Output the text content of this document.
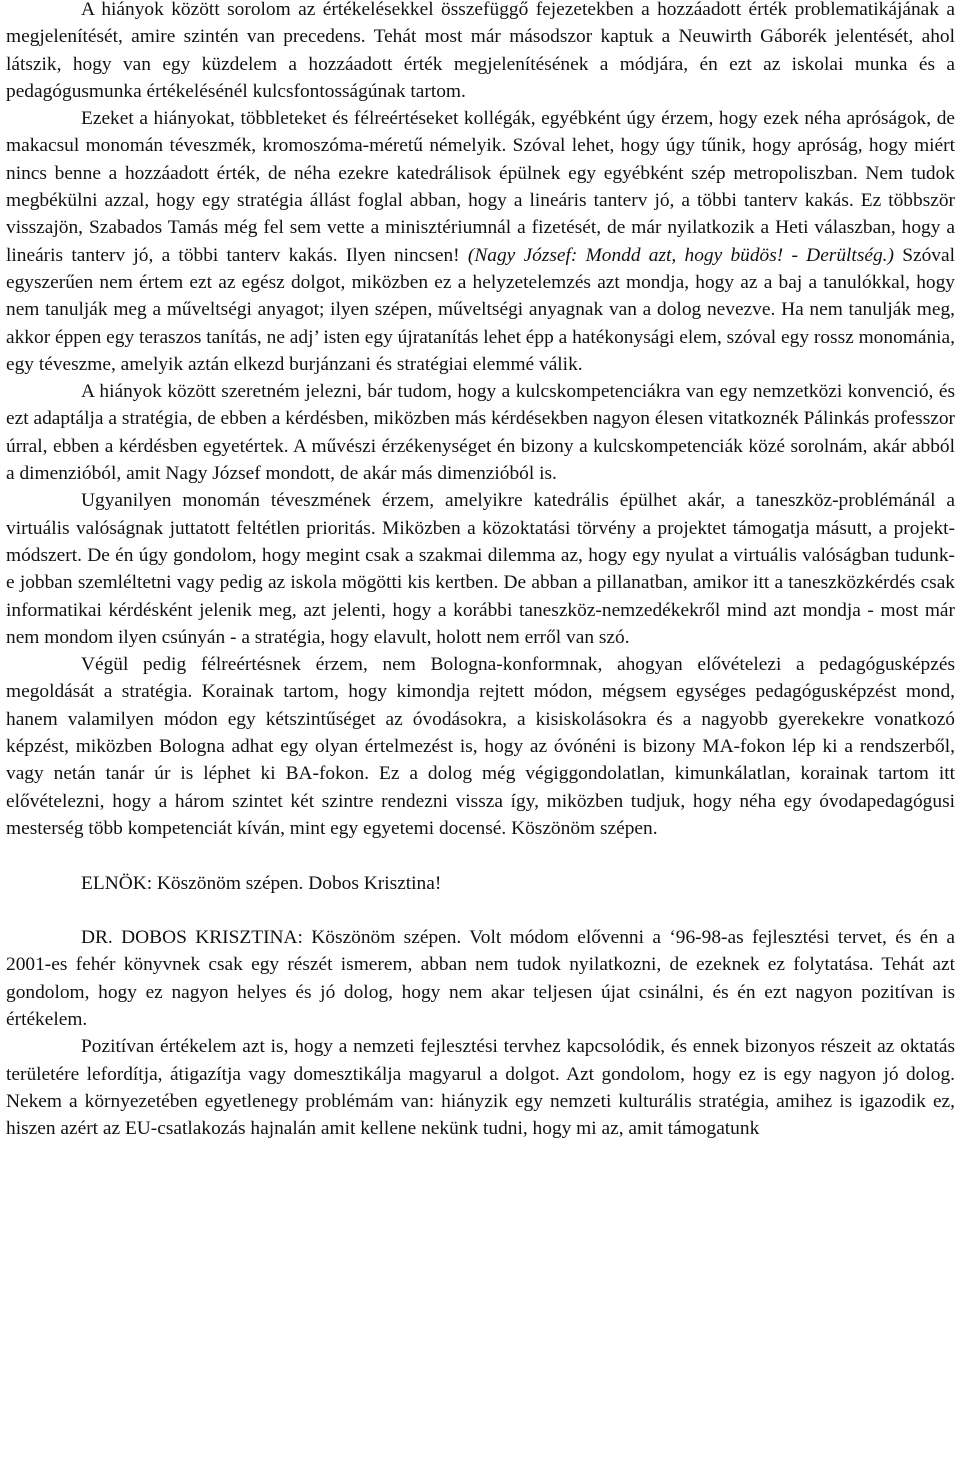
A hiányok között sorolom az értékelésekkel összefüggő fejezetekben a hozzáadott érték problematikájának a megjelenítését, amire szintén van precedens. Tehát most már másodszor kaptuk a Neuwirth Gáborék jelentését, ahol látszik, hogy van egy küzdelem a hozzáadott érték megjelenítésének a módjára, én ezt az iskolai munka és a pedagógusmunka értékelésénél kulcsfontosságúnak tartom.

Ezeket a hiányokat, többleteket és félreértéseket kollégák, egyébként úgy érzem, hogy ezek néha apróságok, de makacsul monomán téveszmék, kromoszóma-méretű némelyik. Szóval lehet, hogy úgy tűnik, hogy apróság, hogy miért nincs benne a hozzáadott érték, de néha ezekre katedrálisok épülnek egy egyébként szép metropoliszban. Nem tudok megbékülni azzal, hogy egy stratégia állást foglal abban, hogy a lineáris tanterv jó, a többi tanterv kakás. Ez többször visszajön, Szabados Tamás még fel sem vette a minisztériumnál a fizetését, de már nyilatkozik a Heti válaszban, hogy a lineáris tanterv jó, a többi tanterv kakás. Ilyen nincsen! (Nagy József: Mondd azt, hogy büdös! - Derültség.) Szóval egyszerűen nem értem ezt az egész dolgot, miközben ez a helyzetelemzés azt mondja, hogy az a baj a tanulókkal, hogy nem tanulják meg a műveltségi anyagot; ilyen szépen, műveltségi anyagnak van a dolog nevezve. Ha nem tanulják meg, akkor éppen egy teraszos tanítás, ne adj’ isten egy újratanítás lehet épp a hatékonysági elem, szóval egy rossz monománia, egy téveszme, amelyik aztán elkezd burjánzani és stratégiai elemmé válik.

A hiányok között szeretném jelezni, bár tudom, hogy a kulcskompetenciákra van egy nemzetközi konvenció, és ezt adaptálja a stratégia, de ebben a kérdésben, miközben más kérdésekben nagyon élesen vitatkoznék Pálinkás professzor úrral, ebben a kérdésben egyetértek. A művészi érzékenységet én bizony a kulcskompetenciák közé sorolnám, akár abból a dimenzióból, amit Nagy József mondott, de akár más dimenzióból is.

Ugyanilyen monomán téveszmének érzem, amelyikre katedrális épülhet akár, a taneszköz-problémánál a virtuális valóságnak juttatott feltétlen prioritás. Miközben a közoktatási törvény a projektet támogatja másutt, a projekt-módszert. De én úgy gondolom, hogy megint csak a szakmai dilemma az, hogy egy nyulat a virtuális valóságban tudunk-e jobban szemléltetni vagy pedig az iskola mögötti kis kertben. De abban a pillanatban, amikor itt a taneszközkérdés csak informatikai kérdésként jelenik meg, azt jelenti, hogy a korábbi taneszköz-nemzedékekről mind azt mondja - most már nem mondom ilyen csúnyán - a stratégia, hogy elavult, holott nem erről van szó.

Végül pedig félreértésnek érzem, nem Bologna-konformnak, ahogyan elővételezi a pedagógusképzés megoldását a stratégia. Korainak tartom, hogy kimondja rejtett módon, mégsem egységes pedagógusképzést mond, hanem valamilyen módon egy kétszintűséget az óvodásokra, a kisiskolásokra és a nagyobb gyerekekre vonatkozó képzést, miközben Bologna adhat egy olyan értelmezést is, hogy az óvónéni is bizony MA-fokon lép ki a rendszerből, vagy netán tanár úr is léphet ki BA-fokon. Ez a dolog még végiggondolatlan, kimunkálatlan, korainak tartom itt elővételezni, hogy a három szintet két szintre rendezni vissza így, miközben tudjuk, hogy néha egy óvodapedagógusi mesterség több kompetenciát kíván, mint egy egyetemi docensé. Köszönöm szépen.

ELNÖK: Köszönöm szépen. Dobos Krisztina!

DR. DOBOS KRISZTINA: Köszönöm szépen. Volt módom elővenni a ‘96-98-as fejlesztési tervet, és én a 2001-es fehér könyvnek csak egy részét ismerem, abban nem tudok nyilatkozni, de ezeknek ez folytatása. Tehát azt gondolom, hogy ez nagyon helyes és jó dolog, hogy nem akar teljesen újat csinálni, és én ezt nagyon pozitívan is értékelem.

Pozitívan értékelem azt is, hogy a nemzeti fejlesztési tervhez kapcsolódik, és ennek bizonyos részeit az oktatás területére lefordítja, átigazítja vagy domesztikálja magyarul a dolgot. Azt gondolom, hogy ez is egy nagyon jó dolog. Nekem a környezetében egyetlenegy problémám van: hiányzik egy nemzeti kulturális stratégia, amihez is igazodik ez, hiszen azért az EU-csatlakozás hajnalán amit kellene nekünk tudni, hogy mi az, amit támogatunk
